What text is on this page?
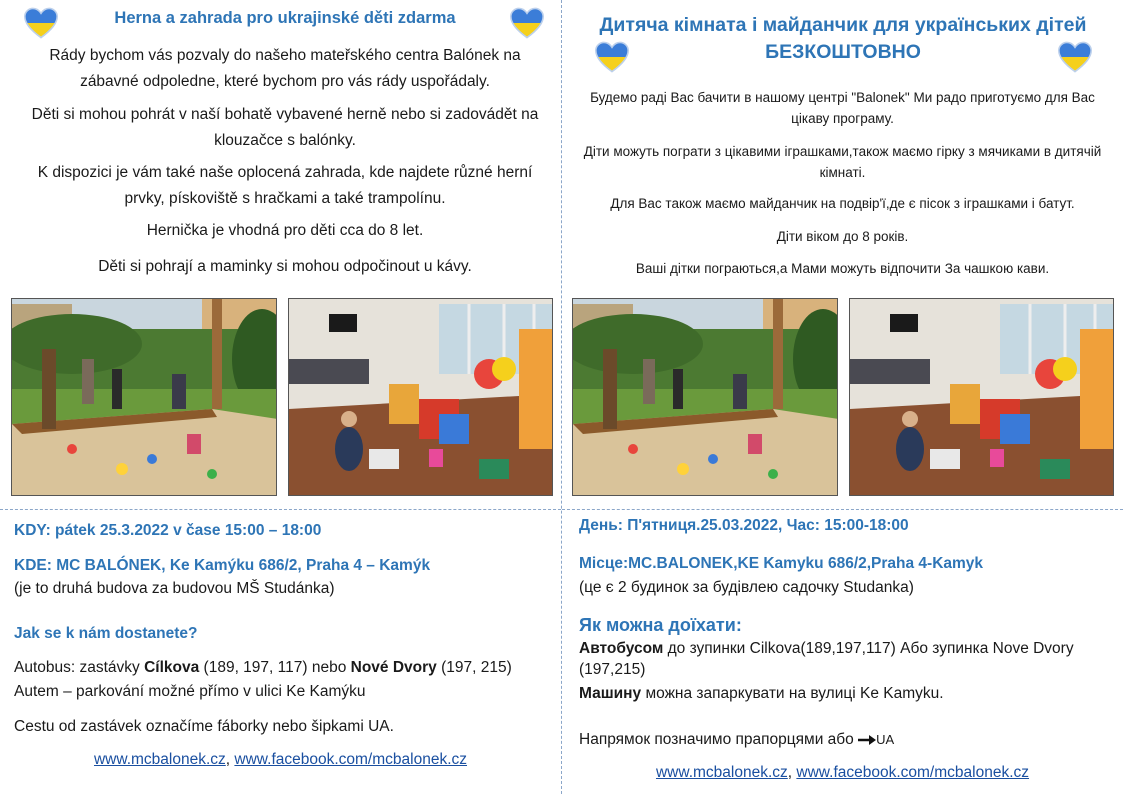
Herna a zahrada pro ukrajinské děti zdarma
Rády bychom vás pozvaly do našeho mateřského centra Balónek na zábavné odpoledne, které bychom pro vás rády uspořádaly.
Děti si mohou pohrát v naší bohatě vybavené herně nebo si zadovádět na klouzačce s balónky.
K dispozici je vám také naše oplocená zahrada, kde najdete různé herní prvky, pískoviště s hračkami a také trampolínu.
Hernička je vhodná pro děti cca do 8 let.
Děti si pohrají a maminky si mohou odpočinout u kávy.
Дитяча кімната і майданчик для українських дітей
БЕЗКОШТОВНО
Будемо раді Вас бачити в нашому центрі "Balonek" Ми радо приготуємо для Вас цікаву програму.
Діти можуть пограти з цікавими іграшками,також маємо гірку з мячиками в дитячій кімнаті.
Для Вас також маємо майданчик на подвір'ї,де є пісок з іграшками і батут.
Діти віком до 8 років.
Ваші дітки пограються,а Мами можуть відпочити За чашкою кави.
KDY: pátek 25.3.2022 v čase 15:00 – 18:00
KDE: MC BALÓNEK, Ke Kamýku 686/2, Praha 4 – Kamýk
(je to druhá budova za budovou MŠ Studánka)
Jak se k nám dostanete?
Autobus: zastávky Cílkova (189, 197, 117) nebo Nové Dvory (197, 215)
Autem – parkování možné přímo v ulici Ke Kamýku
Cestu od zastávek označíme fáborky nebo šipkami UA.
www.mcbalonek.cz, www.facebook.com/mcbalonek.cz
День: П'ятниця.25.03.2022, Час: 15:00-18:00
Місце:MC.BALONEK,KE Kamyku 686/2,Praha 4-Kamyk
(це є 2 будинок за будівлею садочку Studanka)
Як можна доїхати:
Автобусом до зупинки Cilkova(189,197,117) Або зупинка Nove Dvory (197,215)
Машину можна запаркувати на вулиці Ke Kamyku.
Напрямок позначимо прапорцями або UA
www.mcbalonek.cz, www.facebook.com/mcbalonek.cz
